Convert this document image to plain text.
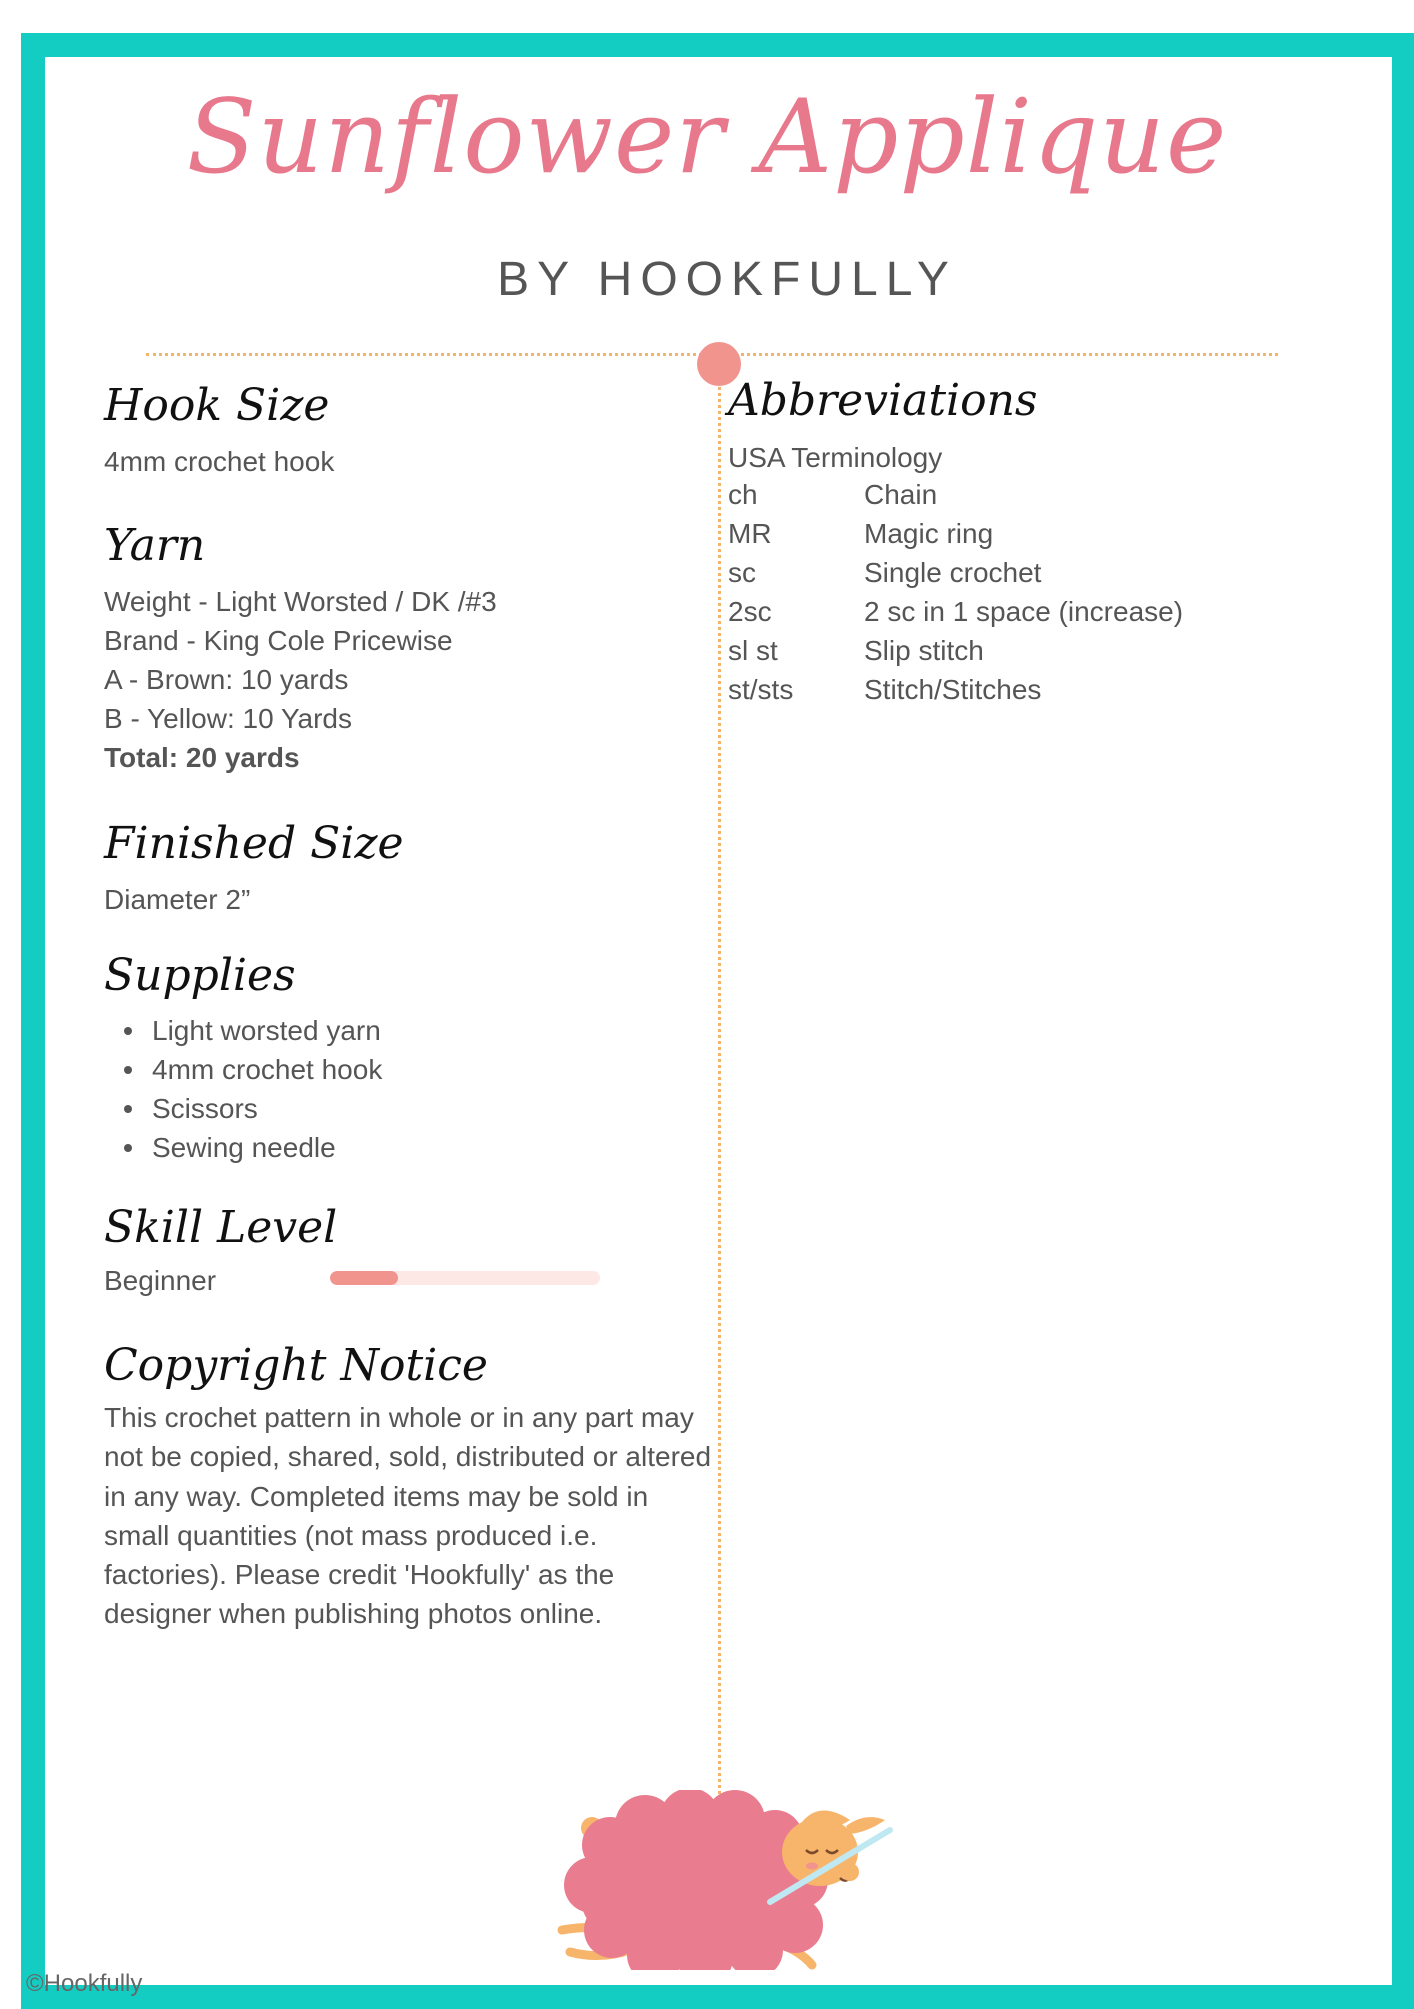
Sunflower Applique
BY HOOKFULLY
Hook Size

4mm crochet hook

Yarn
Weight - Light Worsted / DK /#3
Brand - King Cole Pricewise
A - Brown: 10 yards
B - Yellow: 10 Yards
Total: 20 yards
Finished Size

Diameter 2”

Supplies
Light worsted yarn
4mm crochet hook
Scissors
Sewing needle
Skill Level

Beginner

Copyright Notice

This crochet pattern in whole or in any part may not be copied, shared, sold, distributed or altered in any way. Completed items may be sold in small quantities (not mass produced i.e. factories). Please credit 'Hookfully' as the designer when publishing photos online.

Abbreviations

USA Terminology

ch	Chain
MR	Magic ring
sc	Single crochet
2sc	2 sc in 1 space (increase)
sl st	Slip stitch
st/sts	Stitch/Stitches
©Hookfully
